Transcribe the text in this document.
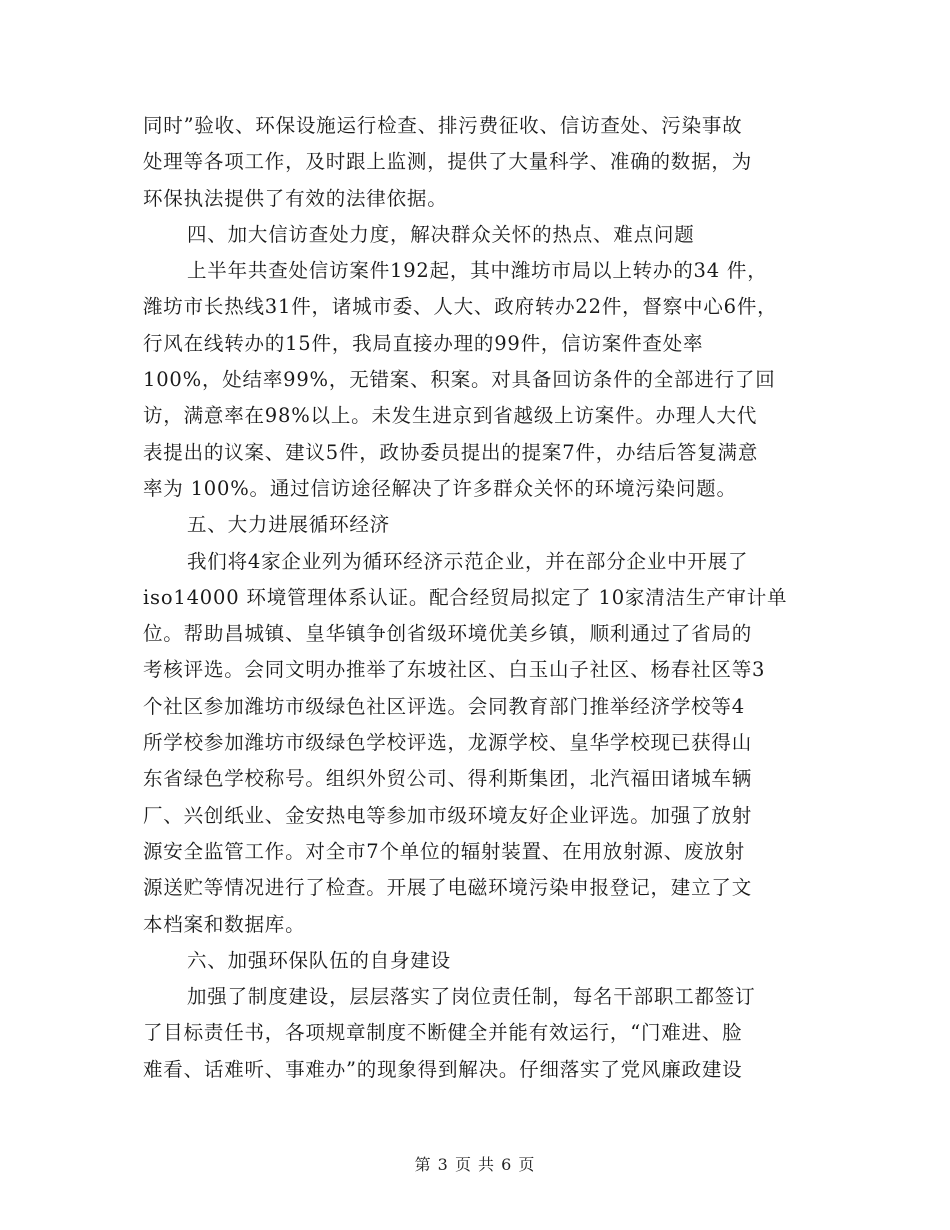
同时”验收、环保设施运行检查、排污费征收、信访查处、污染事故
处理等各项工作，及时跟上监测，提供了大量科学、准确的数据，为
环保执法提供了有效的法律依据。
四、加大信访查处力度，解决群众关怀的热点、难点问题
上半年共查处信访案件192起，其中潍坊市局以上转办的34 件，
潍坊市长热线31件，诸城市委、人大、政府转办22件，督察中心6件，
行风在线转办的15件，我局直接办理的99件，信访案件查处率
100%，处结率99%，无错案、积案。对具备回访条件的全部进行了回
访，满意率在98%以上。未发生进京到省越级上访案件。办理人大代
表提出的议案、建议5件，政协委员提出的提案7件，办结后答复满意
率为 100%。通过信访途径解决了许多群众关怀的环境污染问题。
五、大力进展循环经济
我们将4家企业列为循环经济示范企业，并在部分企业中开展了
iso14000 环境管理体系认证。配合经贸局拟定了 10家清洁生产审计单
位。帮助昌城镇、皇华镇争创省级环境优美乡镇，顺利通过了省局的
考核评选。会同文明办推举了东坡社区、白玉山子社区、杨春社区等3
个社区参加潍坊市级绿色社区评选。会同教育部门推举经济学校等4
所学校参加潍坊市级绿色学校评选，龙源学校、皇华学校现已获得山
东省绿色学校称号。组织外贸公司、得利斯集团，北汽福田诸城车辆
厂、兴创纸业、金安热电等参加市级环境友好企业评选。加强了放射
源安全监管工作。对全市7个单位的辐射装置、在用放射源、废放射
源送贮等情况进行了检查。开展了电磁环境污染申报登记，建立了文
本档案和数据库。
六、加强环保队伍的自身建设
加强了制度建设，层层落实了岗位责任制，每名干部职工都签订
了目标责任书，各项规章制度不断健全并能有效运行，“门难进、脸
难看、话难听、事难办”的现象得到解决。仔细落实了党风廉政建设
第 3 页 共 6 页
